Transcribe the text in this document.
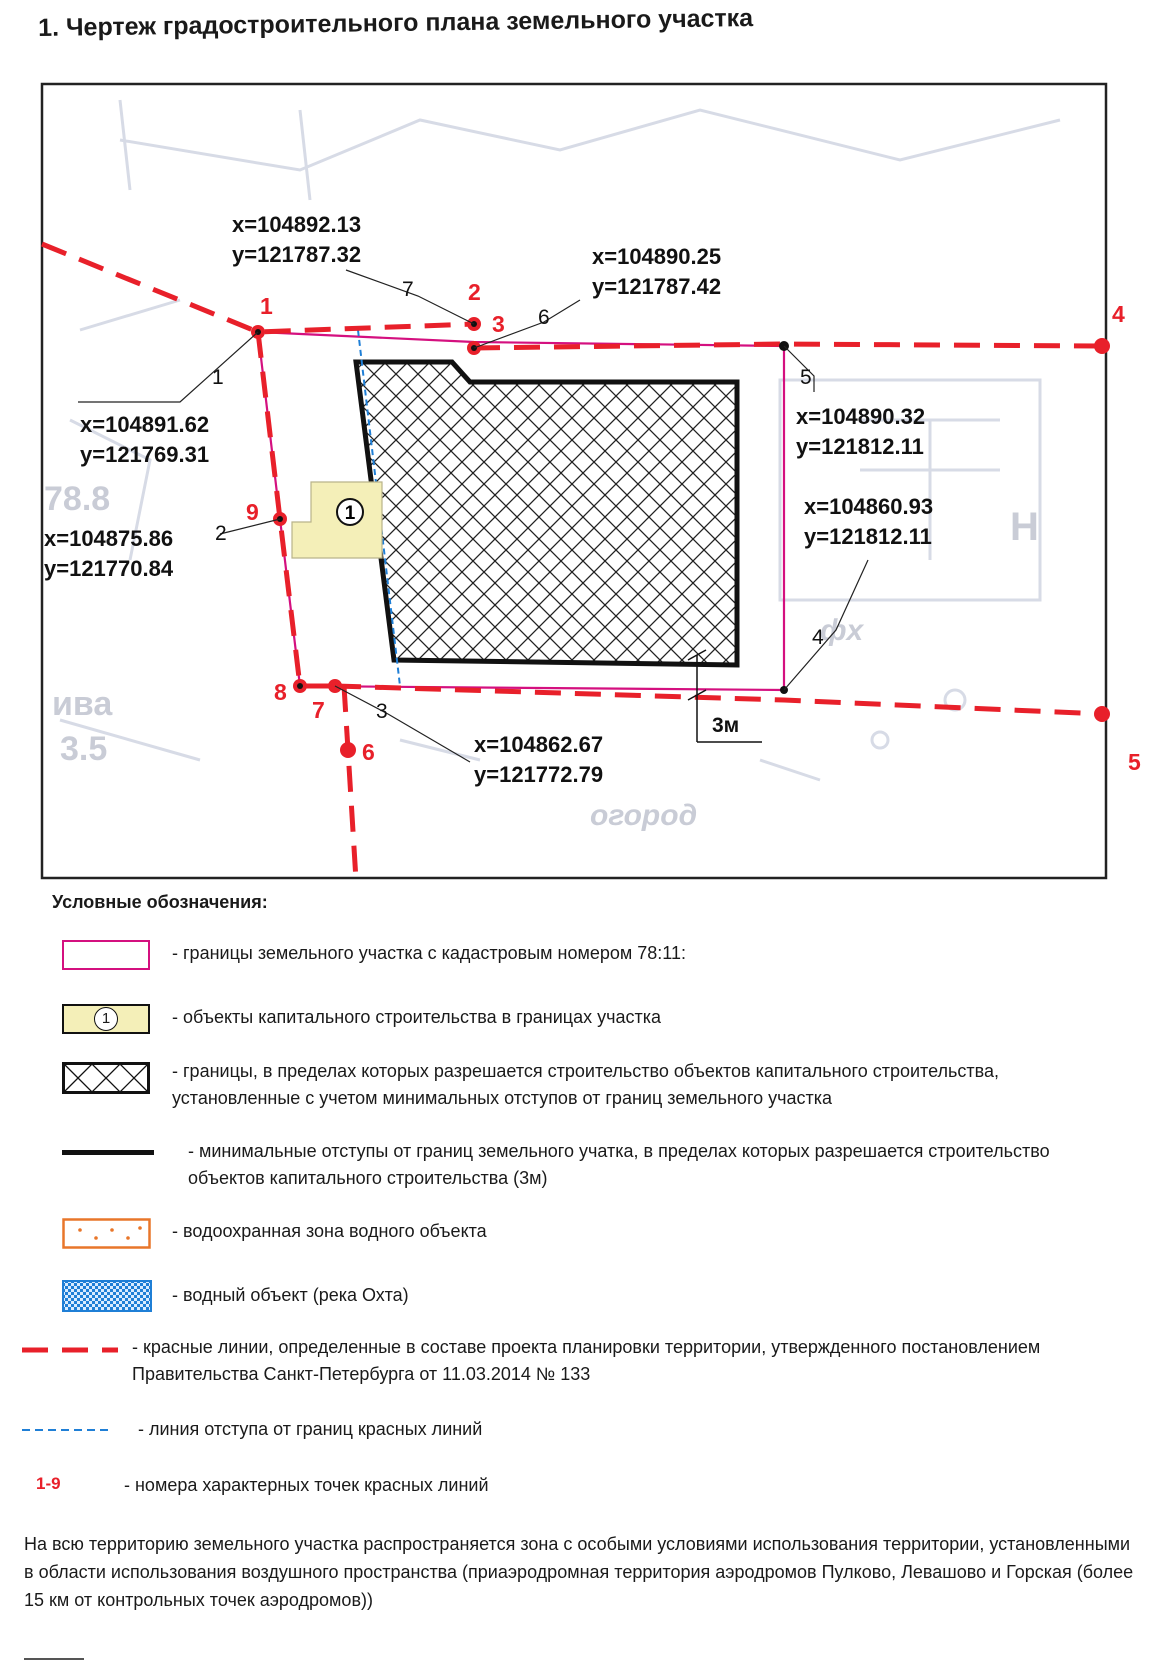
1. Чертеж градостроительного плана земельного участка
78.8
ива
3.5
огород
фх
Н
1
1
2
3	4
5
6
7
8
9
1
2
3
4
5
6
7
x=104892.13
y=121787.32	x=104890.25
y=121787.42
x=104891.62
y=121769.31
x=104890.32
y=121812.11
x=104860.93
y=121812.11
x=104875.86
y=121770.84
x=104862.67
y=121772.79
3м
Условные обозначения:
- границы земельного участка с кадастровым номером 78:11:
1	- объекты капитального строительства в границах участка
- границы, в пределах которых разрешается строительство объектов капитального строительства, установленные с учетом минимальных отступов от границ земельного участка
- минимальные отступы от границ земельного учатка, в пределах которых разрешается строительство объектов капитального строительства (3м)
- водоохранная зона водного объекта
- водный объект (река Охта)
- красные линии, определенные в составе проекта планировки территории, утвержденного постановлением Правительства Санкт-Петербурга от 11.03.2014 № 133
- линия отступа от границ красных линий
1-9	- номера характерных точек красных линий
На всю территорию земельного участка распространяется зона с особыми условиями использования территории, установленными в области использования воздушного пространства (приаэродромная территория аэродромов Пулково, Левашово и Горская (более 15 км от контрольных точек аэродромов))
